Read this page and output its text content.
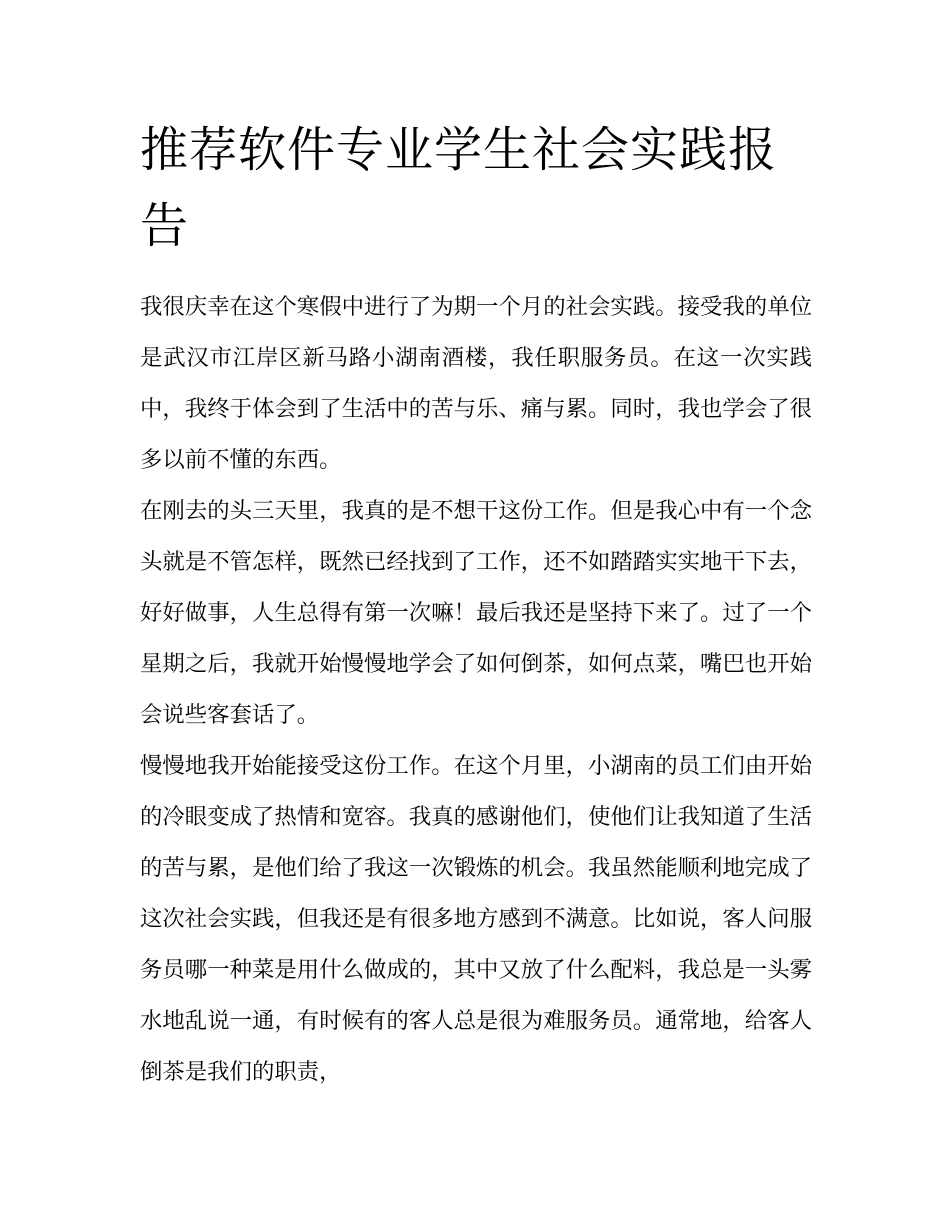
推荐软件专业学生社会实践报告

我很庆幸在这个寒假中进行了为期一个月的社会实践。接受我的单位是武汉市江岸区新马路小湖南酒楼，我任职服务员。在这一次实践中，我终于体会到了生活中的苦与乐、痛与累。同时，我也学会了很多以前不懂的东西。

在刚去的头三天里，我真的是不想干这份工作。但是我心中有一个念头就是不管怎样，既然已经找到了工作，还不如踏踏实实地干下去，好好做事，人生总得有第一次嘛！最后我还是坚持下来了。过了一个星期之后，我就开始慢慢地学会了如何倒茶，如何点菜，嘴巴也开始会说些客套话了。

慢慢地我开始能接受这份工作。在这个月里，小湖南的员工们由开始的冷眼变成了热情和宽容。我真的感谢他们，使他们让我知道了生活的苦与累，是他们给了我这一次锻炼的机会。我虽然能顺利地完成了这次社会实践，但我还是有很多地方感到不满意。比如说，客人问服务员哪一种菜是用什么做成的，其中又放了什么配料，我总是一头雾水地乱说一通，有时候有的客人总是很为难服务员。通常地，给客人倒茶是我们的职责，
